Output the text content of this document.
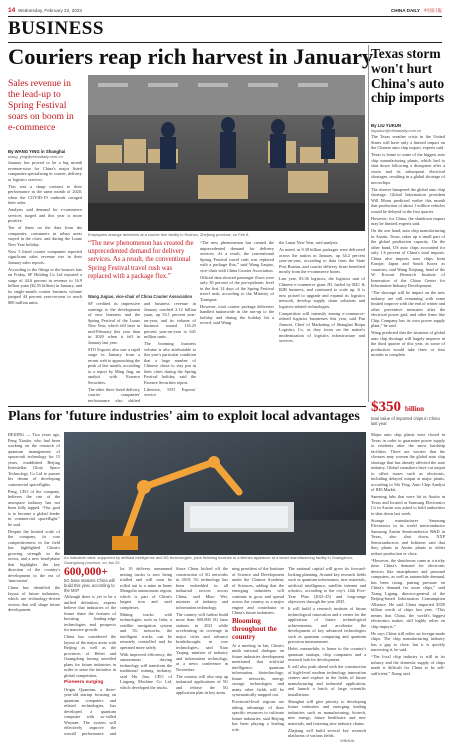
14 Wednesday, February 22, 2023	CHINA DAILY 中国日报
BUSINESS
Couriers reap rich harvest in January
Sales revenue in the lead-up to Spring Festival soars on boom in e-commerce
By WANG YING in Shanghai
wang_ying@chinadaily.com.cn

January has proved to be a big month revenue-wise for China's major listed companies specializing in courier, delivery or logistics services.

This was a sharp contrast to their performance in the same month of 2020, when the COVID-19 outbreak ravaged their sales.

Analysts said demand for e-commerce services surged and this year is more positive.

Ten of them on the data from the companies, consumers in urban areas stayed in the cities, and during the Lunar New Year holiday.

Now 5 listed courier companies reported significant sales revenue rise in their January sales reports.

According to the filings to the bourses late on Friday, SF Holding Co Ltd reported a surge of 44.6 percent in revenue to 16.9 billion yuan ($2.55 billion) in January, and its single-month courier business volume jumped 44 percent year-on-year to reach 800 million units.

Employees arrange deliveries at a courier firm facility in Huzhou, Zhejiang province, on Feb 8.
“The new phenomenon has created the unprecedented demand for delivery services. As a result, the conventional Spring Festival travel rush was replaced with a package flux.”
Wang Jugiao, vice-chair of China Courier Association

SF credited its impressive earnings to the development of new business and the Spring Festival of the Lunar New Year, which fell later in mid-February this year than in 2020 when it fell in January last year.

STO Express also saw a rapid surge in January from a recent web to approaching the peak of last month, according to a report by Ming Jing, an analyst with Essence Securities.

The other three listed delivery courier companies' performance also shifted

and business revenue in January reached 2.12 billion yuan, up 53.1 percent year-on-year, and its volume of business soared 116.25 percent year-on-year to 641 million units.

The booming business volume is also attributable to this year's particular condition that a large number of Chinese chose to stay put in their cities during the Spring Festival holiday, said the Essence Securities report.

Likewise, STO Express' service

“The new phenomenon has created the unprecedented demand for delivery services. As a result, the conventional Spring Festival travel rush was replaced with a package flux,” said Wang Jiaqiao, vice-chair with China Courier Association.

Official data showed passenger flows were only 30 percent of the pre-epidemic level in the first 14 days of the Spring Festival travel rush, according to the Ministry of Transport.

However, total courier package deliveries handled nationwide in the run-up to the holiday and during the holiday hit a record, said Wang.

the Lunar New Year, said analysts.

As noted, as 9.38 billion packages were delivered across the nation in January, up 34.2 percent year-on-year, according to data from the State Post Bureau, and courier delivery firms benefited mostly from the e-commerce boom.

Last year, 83.36 logistics, the logistics unit of Chinese e-commerce giant JD, fueled by B2C & B2B business, and continued to scale up. It is now poised to upgrade and expand its logistics network, develop supply chain solutions and logistics-related technologies.

Competition will intensify among e-commerce-related logistics businesses this year, said Pan Jianwei, Chief of Marketing of Shanghai Ruipu Logistics Co, as they focus on the nation's modernization of logistics infrastructure and services.

Texas storm won't hurt China's auto chip imports
By LIU YUKUN
liuyukun@chinadaily.com.cn

The Texas weather crisis in the United States will have only a limited impact on the Chinese auto chip import, experts said.

Texas is home to some of the biggest auto chip manufacturing plants, which had to shut down following a disruption after a storm and its subsequent electrical shortages, resulting in a global shortage of microchips.

The shower hampered the global auto chip shortage, Global Information president Will Moon predicted earlier this month that production of about 1 million vehicles would be delayed in the first quarter.

However, for China, the shutdown impact may be limited, experts said.

On the one hand, auto chip manufacturing in Austin, Texas, takes up a small part of the global production capacity. On the other hand, US auto chips accounted for only 1.6 percent of China's total imports. China also imports auto chips from Europe, Japan and South Korea as countries, said Wang Xinjiang, head of the W. Kowart Research Institute of Innovation of the China Center for Information Industry Development.

“The shortage will be impact on the new industry are still remaining with some limited improve with the end of winter and other preventive measures after the electrical power grid, and other firms like Chip Company has its own power supply plant,” he said.

Wang predicted that the situation of global auto chip shortage will largely improve in the third quarter of this year, as some of production would take three or four months to complete.

$350 billion
total value of imported chips in China last year

Major auto chip plants were closed in Texas in order to guarantee power supply to residents after the snow hardship facilities. There are worries that the closures may worsen the global auto chip shortage that has already affected the auto industry. Global carmakers have cut output to offset issues such as electronic, including delayed output at major plants, according to Shi Ying, Auto Chip Analyst of IHS Markit.

Samsung fabs that were hit in Austin in Texas and located at Samsung Electronics Co in Austin was asked to hold authorities to shut down last week.

Storage manufacturer Samsung Electronics in its world semiconductor Samsung Austin Semiconductor R&D in Texas, also shut down, NXP Semiconductors and Infineon said that they plants in Austin plants to either reduce production or close.

“However, the shutdowns came at a tricky time. China's demand for electronic devices like smartphones and personal computers, as well as automobile demand, has been rising, putting pressure on China's demand for more chips,” said Xiang Ligang, director-general of the Beijing-based Information Consumption Alliance. He said China imported $350 billion worth of chips last year. “This means that China, the world's biggest electronics maker, still highly relies on chip imports.”

He says China still relies on foreign-made chips. The chip manufacturing industry has a gap to close, but it is quickly narrowing it, he said.

“The local chip industry is still in its infancy and the domestic supply of chips made it difficult for China to be self-sufficient,” Xiang said.

Plans for 'future industries' aim to exploit local advantages

BEIJING — Two years ago, Peng Xiaoke, who had been working on the research of quantum management of spacecraft technology for 15 years, established Beijing Interstellar Glory Space Technology Co Ltd to pursue his dream of developing commercial spaceflights.

Peng, CEO of the company, believes the rise of the aerospace industry has not been fully tapped. “Our goal is to become a global leader in commercial spaceflight,” he said.

Despite the limited scale of the company, its core competitiveness in the field has highlighted China's growing strength in the sector, and a new head-phase that highlights the key direction of the country's development in the era of 'innovation'.

China has identified the layout of future industries, which are technology-driven sectors that will shape future development.

An industrial robot, supported by artificial intelligence and 5G technologies, joins finishing touches to a kitchen appliance at a smart manufacturing facility in Guangzhou, Guangdong province, on Jan 20.
600,000+
5G base stations China will build this year, according to the MIIT

Although there is yet to be a unified definition, experts believe that industries of the future share the features of boosting leading-edge technologies and prospects for massive growth.

China has considered the layout of the major areas with Beijing as well as the provinces of Hebei and Guangdong having unveiled plans for future industries in order to seize the initiative in global competition.

Pioneers surging

Origin Quantum, a three-year-old startup focusing on quantum computers and related technologies, has developed a quantum computer with so-called Wuyuan. The system will effectively improve the overall performance and

lot 10 delivery unmanned mining trucks is now being trialled and will soon be rolled out to a mine in Inner Mongolia autonomous region, which is part of China's largest iron and steel complexes.

Mining trucks with technologies such as lidar, a satellite navigation system and 5G networks, the intelligent trucks can be remotely controlled and be operated more safely.

With improved efficiency, the autonomous driving technology will transform the traditional mining industry, said Hu Jiao, CEO of Liugong Machine Co Ltd, which developed the trucks.

Since China kicked off the construction of 5G networks in 2019, 5G technology has been embedded in all industrial sectors across China, said Miao Wei, minister of industry and information technology.

The country will further build more than 600,000 5G base stations in 2021 while accelerating its coverage in major cities and advance breakthroughs in core technologies, said Xiao Yaqing, minister of industry and information technology, at a news conference in November.

The country will also step up industrial applications of 5G and release the 5G application plan in key areas.

ning president of the Institute of Science and Development under the Chinese Academy of Sciences, adding that the emerging industries will continue to grow and spread across the country as a major engine and contributor to China's future industries.

Blooming throughout the country

At a meeting in Jan, China's ninth national dialogue on future industries development mentioned that artificial intelligence, quantum information, biotechnology, future networks, energy storage technologies and many other fields will be systematically mapped out.

Provincial-level regions are taking advantage of their specific resources to cultivate future industries, said Beijing has been playing a leading role.

The national capital will grow its forward-looking planning. Around key research fields such as quantum information, new materials, artificial intelligence, satellite internet and robotics, according to the city's 14th Five-Year Plan (2021-25) and long-range objectives through the year 2035.

It will build a research institute of future technological innovation and a center for the application of future technological achievements, and accelerate the development of key advanced technologies such as quantum computing and quantum precision measurement.

Hefei, meanwhile, is home to the country's quantum startups, chip companies and a research hub for development.

It will also push ahead with the construction of high-level modern technology innovation centers and explore in the fields of future manufacturing and industrial application, and launch a batch of large scientific installations.

Shanghai will give priority to developing future industries and emerging leading industries such as manufacturing, biotech, new energy, future healthcare and new materials, and fostering new industry chains.

Zhejiang will build several key research platforms of various fields.

XINHUA
